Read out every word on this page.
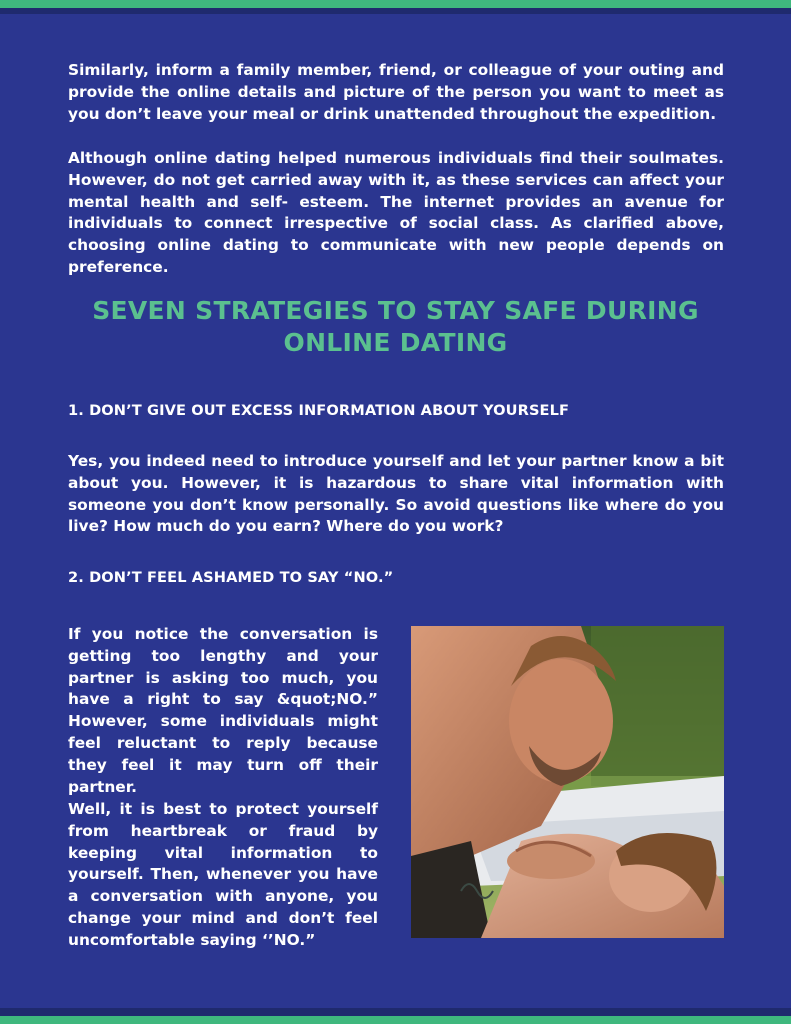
Similarly, inform a family member, friend, or colleague of your outing and provide the online details and picture of the person you want to meet as you don’t leave your meal or drink unattended throughout the expedition.

Although online dating helped numerous individuals find their soulmates. However, do not get carried away with it, as these services can affect your mental health and self- esteem. The internet provides an avenue for individuals to connect irrespective of social class. As clarified above, choosing online dating to communicate with new people depends on preference.

SEVEN STRATEGIES TO STAY SAFE DURING
ONLINE DATING
1. DON’T GIVE OUT EXCESS INFORMATION ABOUT YOURSELF

Yes, you indeed need to introduce yourself and let your partner know a bit about you. However, it is hazardous to share vital information with someone you don’t know personally. So avoid questions like where do you live? How much do you earn? Where do you work?

2. DON’T FEEL ASHAMED TO SAY “NO.”

If you notice the conversation is getting too lengthy and your partner is asking too much, you have a right to say &quot;NO.” However, some individuals might feel reluctant to reply because they feel it may turn off their partner.

Well, it is best to protect yourself from heartbreak or fraud by keeping vital information to yourself. Then, whenever you have a conversation with anyone, you change your mind and don’t feel uncomfortable saying ‘’NO.”
